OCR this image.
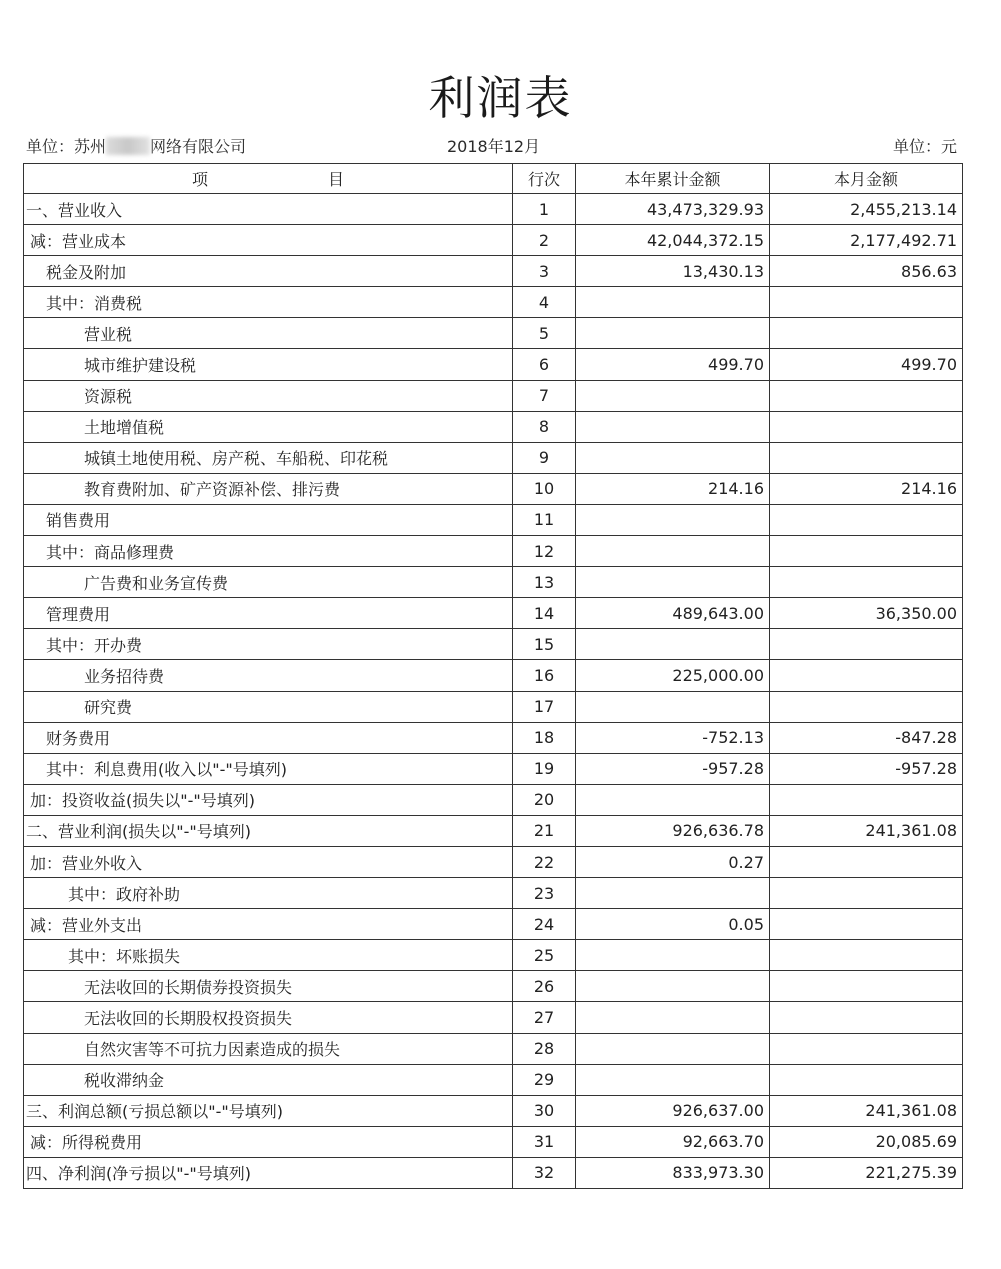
利润表
单位：苏州	网络有限公司	2018年12月	单位：元
项 目	行次	本年累计金额	本月金额
一、营业收入	1	43,473,329.93	2,455,213.14
减：营业成本	2	42,044,372.15	2,177,492.71
税金及附加	3	13,430.13	856.63
其中：消费税	4		
营业税	5		
城市维护建设税	6	499.70	499.70
资源税	7		
土地增值税	8		
城镇土地使用税、房产税、车船税、印花税	9		
教育费附加、矿产资源补偿、排污费	10	214.16	214.16
销售费用	11		
其中：商品修理费	12		
广告费和业务宣传费	13		
管理费用	14	489,643.00	36,350.00
其中：开办费	15		
业务招待费	16	225,000.00	
研究费	17		
财务费用	18	-752.13	-847.28
其中：利息费用(收入以"-"号填列)	19	-957.28	-957.28
加：投资收益(损失以"-"号填列)	20		
二、营业利润(损失以"-"号填列)	21	926,636.78	241,361.08
加：营业外收入	22	0.27	
其中：政府补助	23		
减：营业外支出	24	0.05	
其中：坏账损失	25		
无法收回的长期债券投资损失	26		
无法收回的长期股权投资损失	27		
自然灾害等不可抗力因素造成的损失	28		
税收滞纳金	29		
三、利润总额(亏损总额以"-"号填列)	30	926,637.00	241,361.08
减：所得税费用	31	92,663.70	20,085.69
四、净利润(净亏损以"-"号填列)	32	833,973.30	221,275.39
